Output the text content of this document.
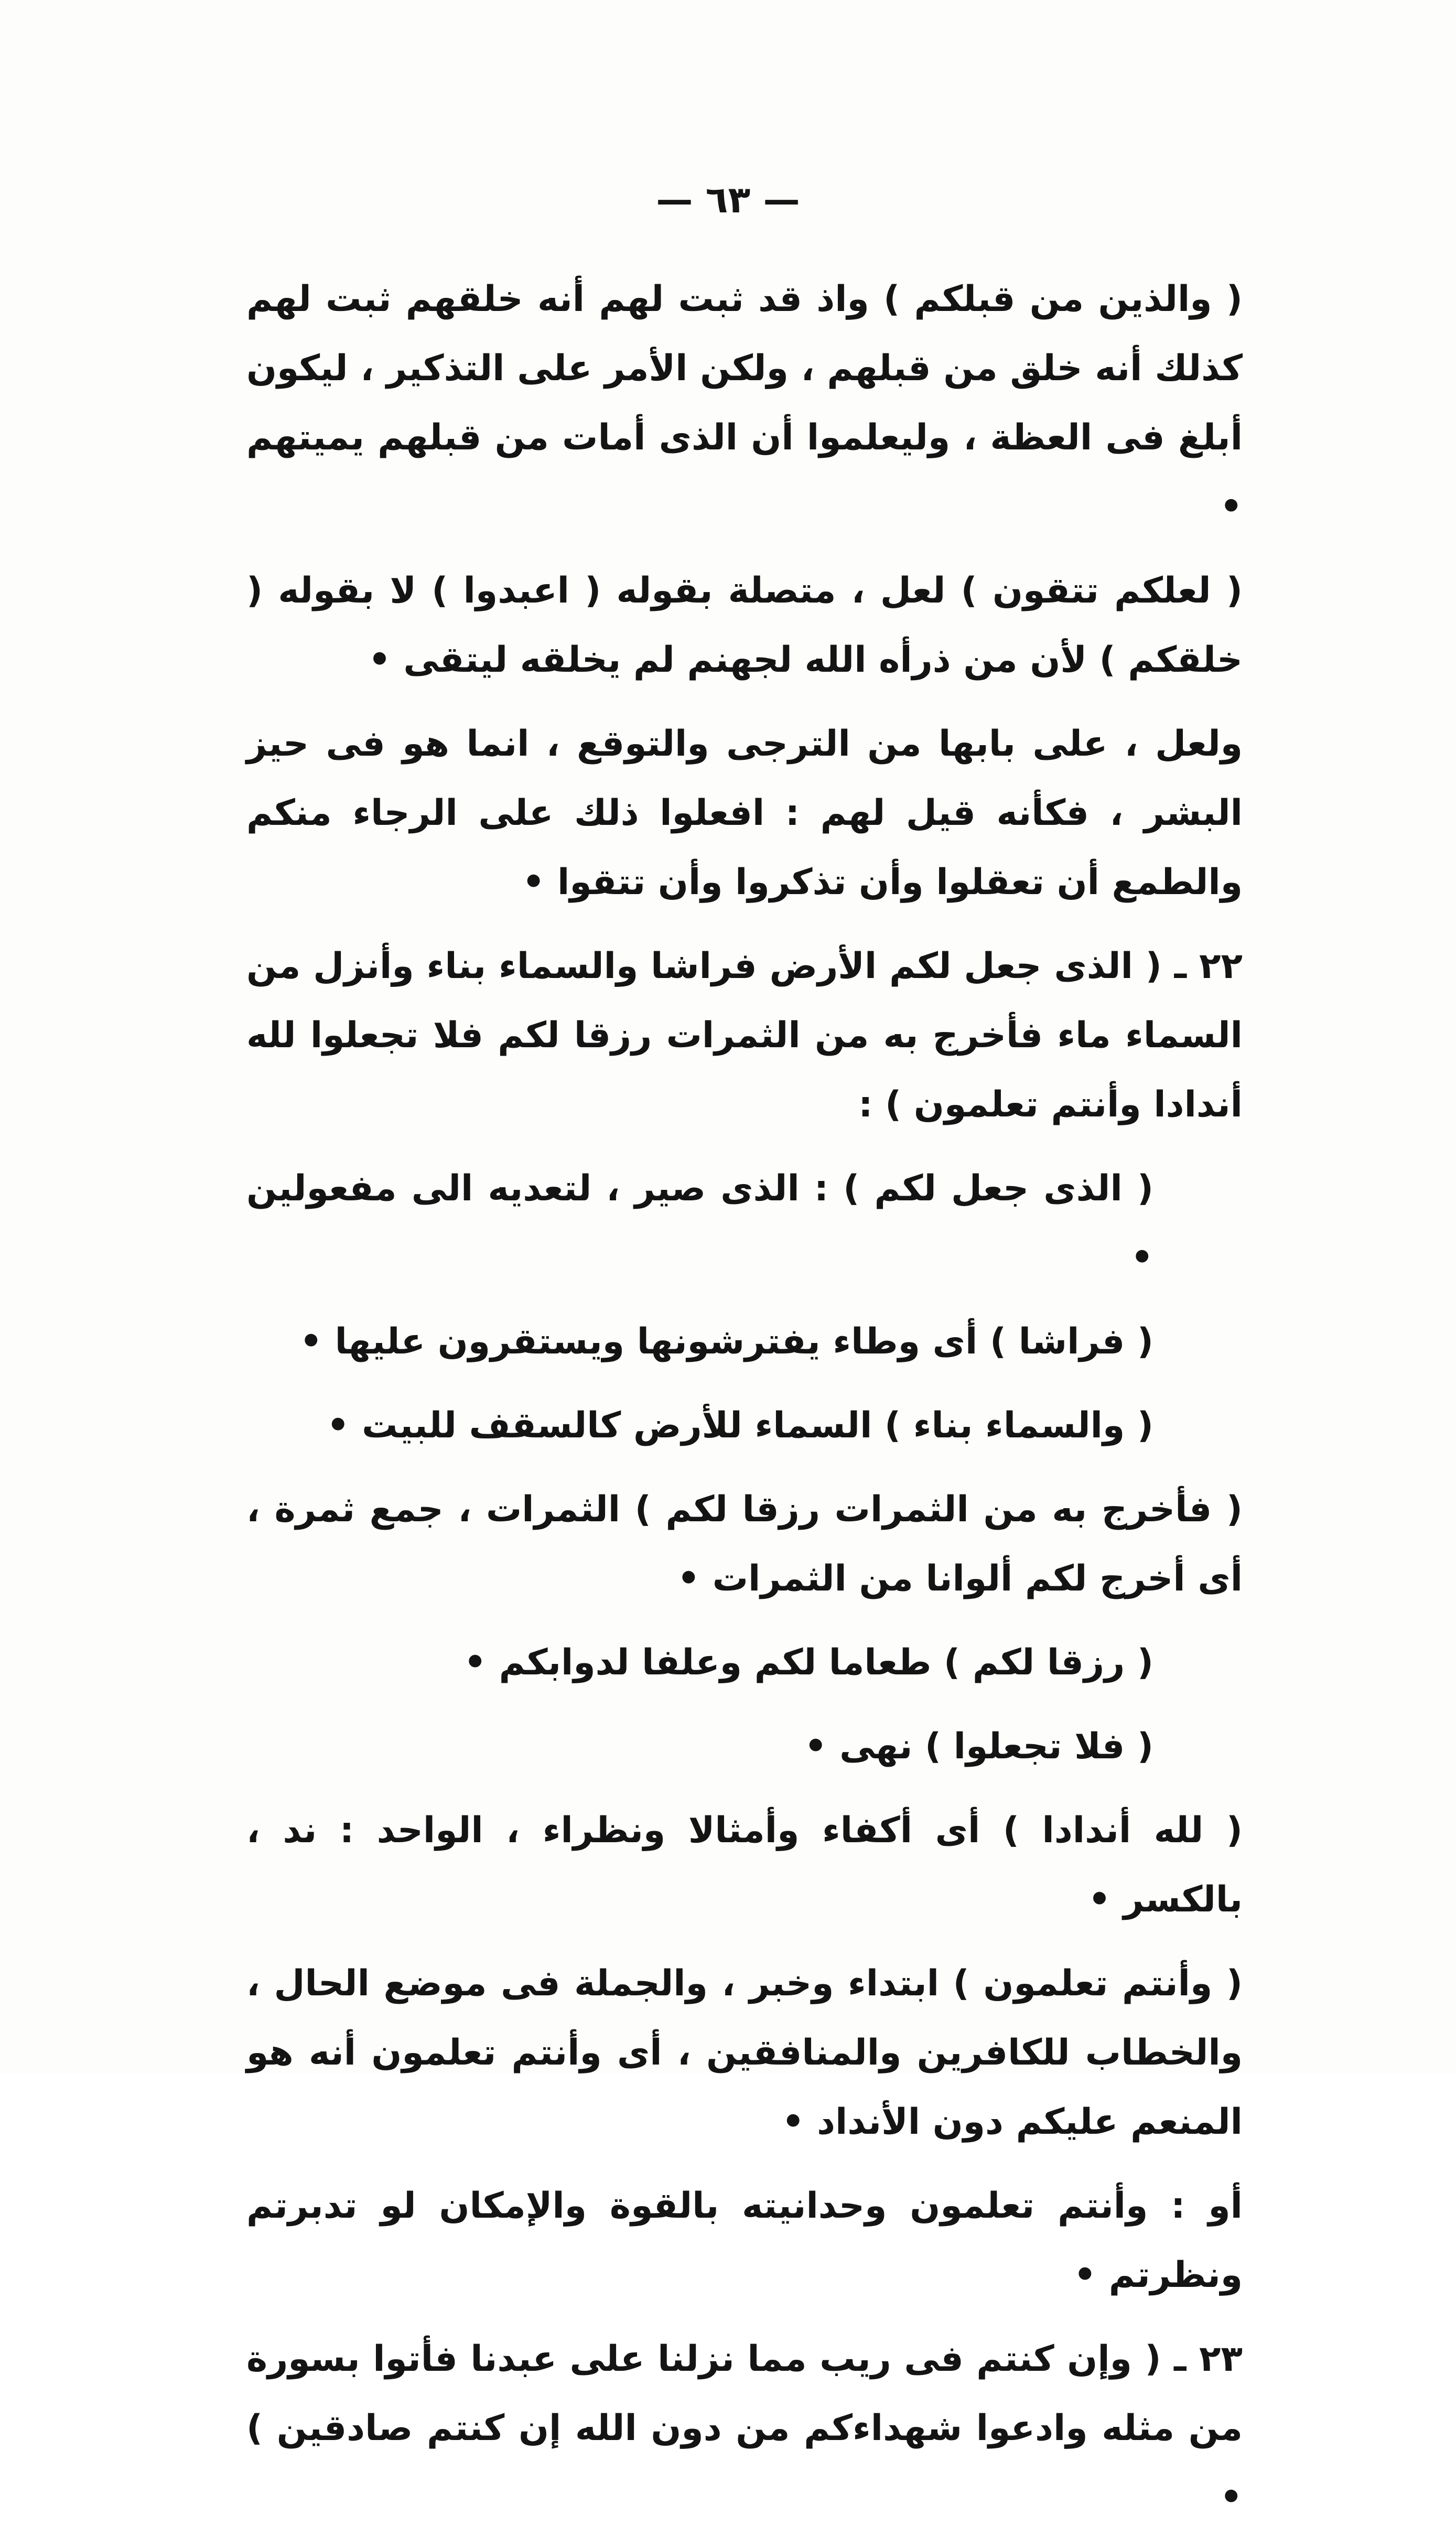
— ٦٣ —

( والذين من قبلكم ) واذ قد ثبت لهم أنه خلقهم ثبت لهم كذلك أنه خلق من قبلهم ، ولكن الأمر على التذكير ، ليكون أبلغ فى العظة ، وليعلموا أن الذى أمات من قبلهم يميتهم •

( لعلكم تتقون ) لعل ، متصلة بقوله ( اعبدوا ) لا بقوله ( خلقكم ) لأن من ذرأه الله لجهنم لم يخلقه ليتقى •

ولعل ، على بابها من الترجى والتوقع ، انما هو فى حيز البشر ، فكأنه قيل لهم : افعلوا ذلك على الرجاء منكم والطمع أن تعقلوا وأن تذكروا وأن تتقوا •

٢٢ ـ ( الذى جعل لكم الأرض فراشا والسماء بناء وأنزل من السماء ماء فأخرج به من الثمرات رزقا لكم فلا تجعلوا لله أندادا وأنتم تعلمون ) :

( الذى جعل لكم ) : الذى صير ، لتعديه الى مفعولين •

( فراشا ) أى وطاء يفترشونها ويستقرون عليها •

( والسماء بناء ) السماء للأرض كالسقف للبيت •

( فأخرج به من الثمرات رزقا لكم ) الثمرات ، جمع ثمرة ، أى أخرج لكم ألوانا من الثمرات •

( رزقا لكم ) طعاما لكم وعلفا لدوابكم •

( فلا تجعلوا ) نهى •

( لله أندادا ) أى أكفاء وأمثالا ونظراء ، الواحد : ند ، بالكسر •

( وأنتم تعلمون ) ابتداء وخبر ، والجملة فى موضع الحال ، والخطاب للكافرين والمنافقين ، أى وأنتم تعلمون أنه هو المنعم عليكم دون الأنداد •

أو : وأنتم تعلمون وحدانيته بالقوة والإمكان لو تدبرتم ونظرتم •

٢٣ ـ ( وإن كنتم فى ريب مما نزلنا على عبدنا فأتوا بسورة من مثله وادعوا شهداءكم من دون الله إن كنتم صادقين ) •
